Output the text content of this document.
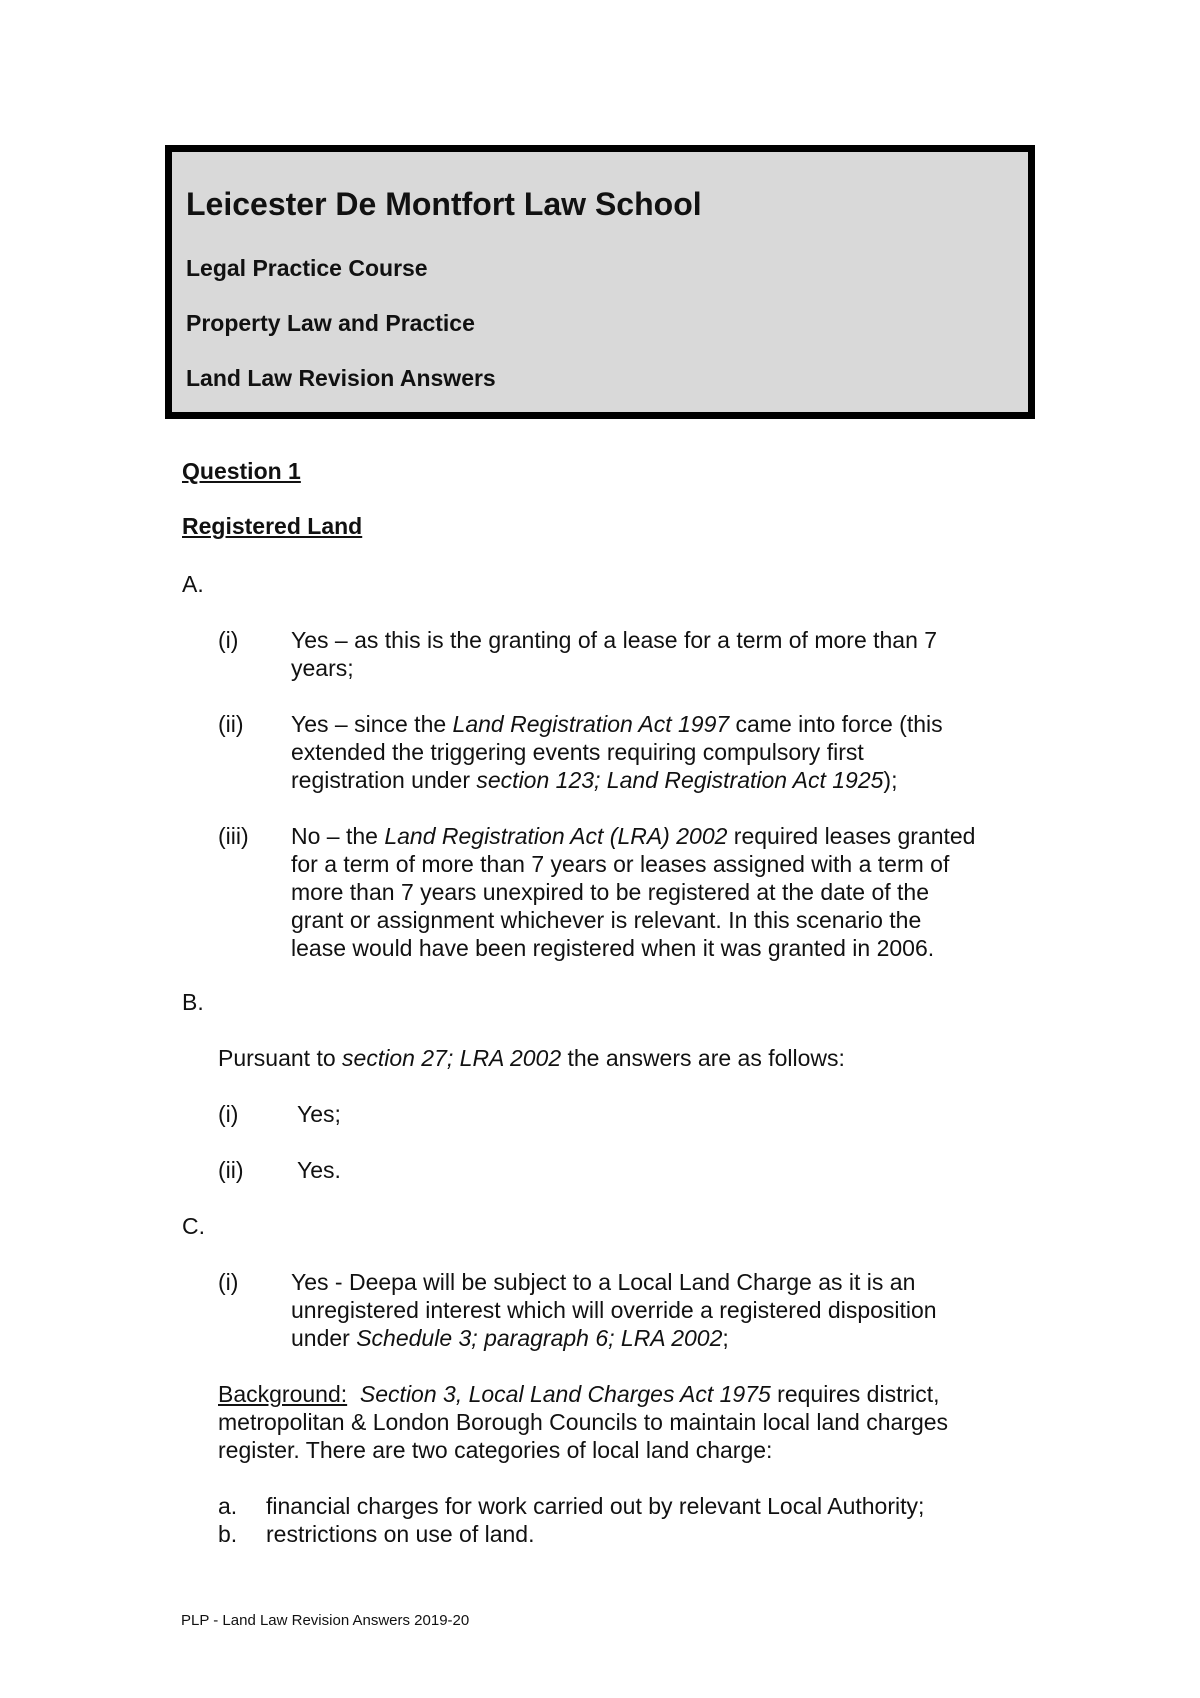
Leicester De Montfort Law School
Legal Practice Course
Property Law and Practice
Land Law Revision Answers
Question 1
Registered Land
A.
(i) Yes – as this is the granting of a lease for a term of more than 7
years;
(ii) Yes – since the Land Registration Act 1997 came into force (this
extended the triggering events requiring compulsory first
registration under section 123; Land Registration Act 1925);
(iii) No – the Land Registration Act (LRA) 2002 required leases granted
for a term of more than 7 years or leases assigned with a term of
more than 7 years unexpired to be registered at the date of the
grant or assignment whichever is relevant. In this scenario the
lease would have been registered when it was granted in 2006.
B.
Pursuant to section 27; LRA 2002 the answers are as follows:
(i)	Yes;
(ii) Yes.
C.
(i) Yes - Deepa will be subject to a Local Land Charge as it is an
unregistered interest which will override a registered disposition
under Schedule 3; paragraph 6; LRA 2002;
Background: Section 3, Local Land Charges Act 1975 requires district,
metropolitan & London Borough Councils to maintain local land charges
register. There are two categories of local land charge:
a. financial charges for work carried out by relevant Local Authority;
b. restrictions on use of land.
PLP - Land Law Revision Answers 2019-20
